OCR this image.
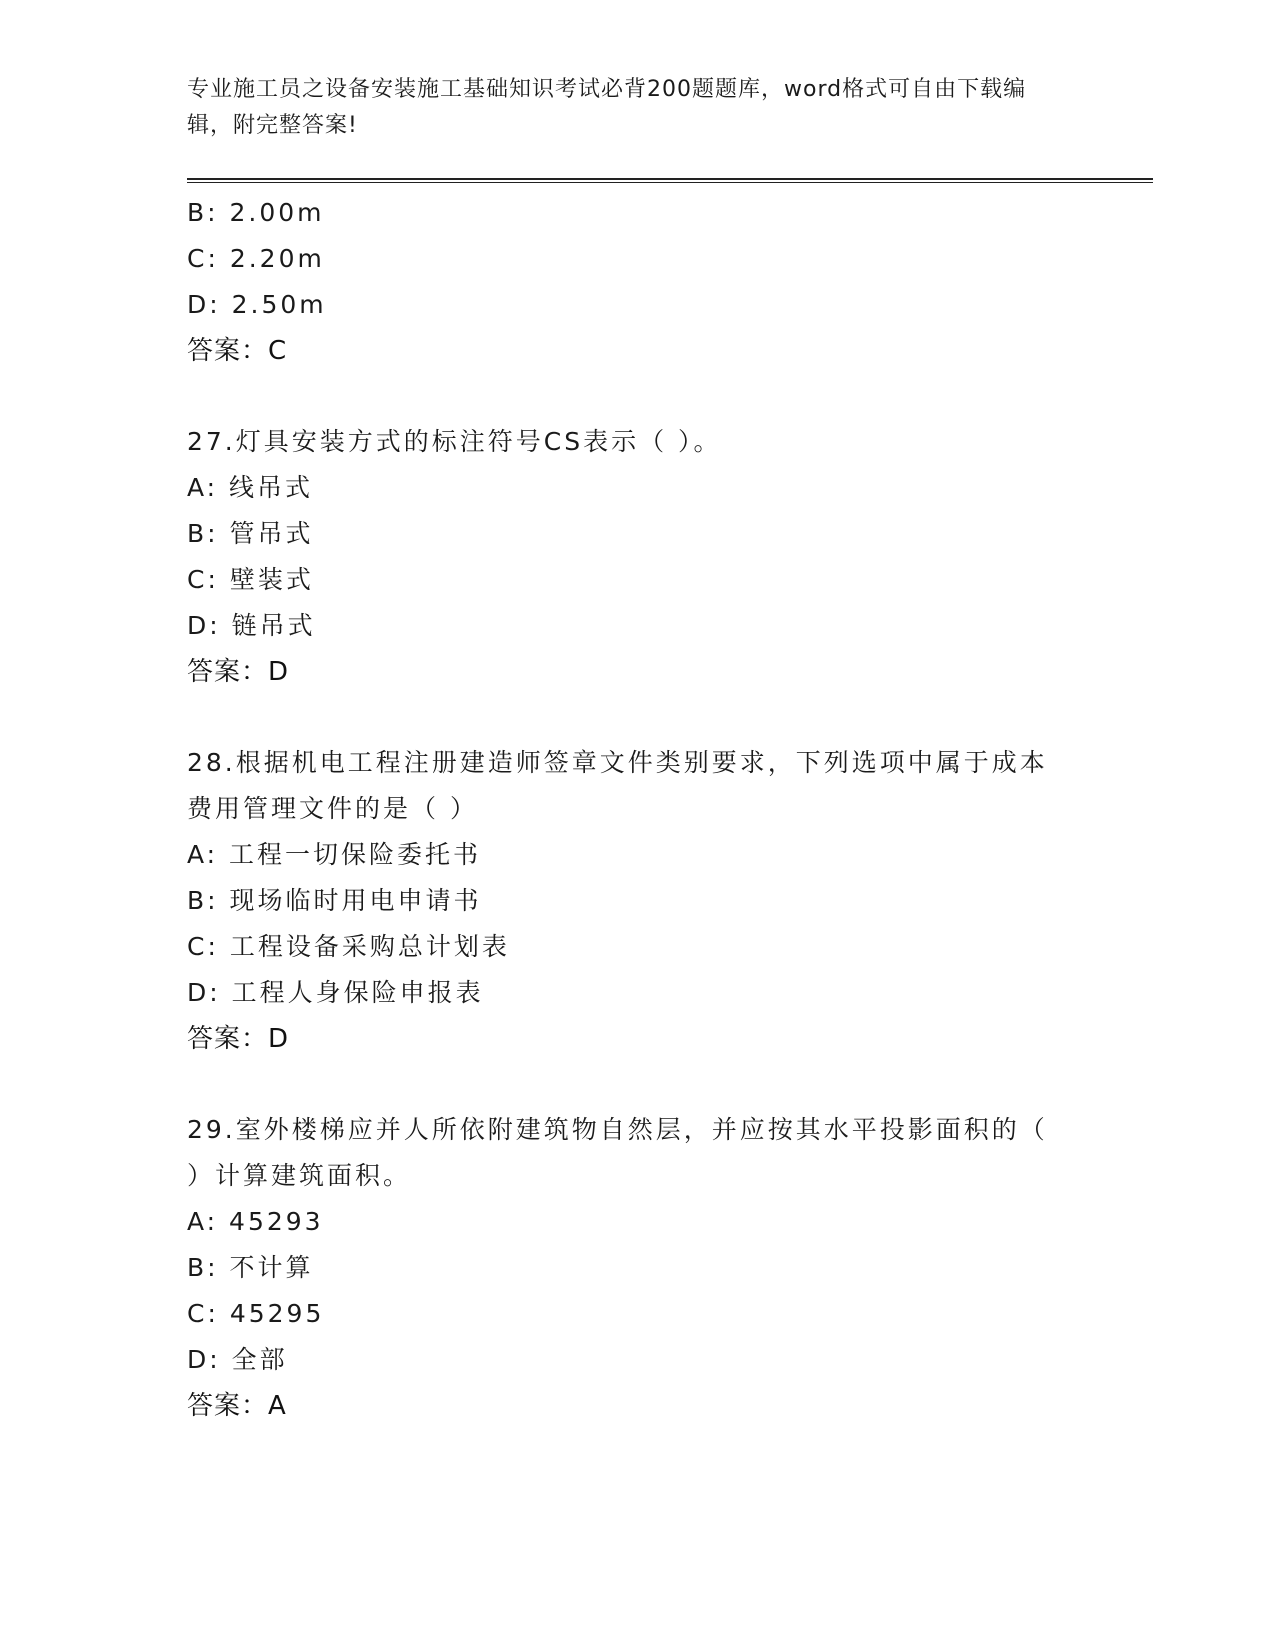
专业施工员之设备安装施工基础知识考试必背200题题库，word格式可自由下载编辑，附完整答案!
B: 2.00m
C: 2.20m
D: 2.50m
答案：C
27.灯具安装方式的标注符号CS表示（ ）。
A: 线吊式
B: 管吊式
C: 壁装式
D: 链吊式
答案：D
28.根据机电工程注册建造师签章文件类别要求，下列选项中属于成本
费用管理文件的是（ ）
A: 工程一切保险委托书
B: 现场临时用电申请书
C: 工程设备采购总计划表
D: 工程人身保险申报表
答案：D
29.室外楼梯应并人所依附建筑物自然层，并应按其水平投影面积的（
）计算建筑面积。
A: 45293
B: 不计算
C: 45295
D: 全部
答案：A
